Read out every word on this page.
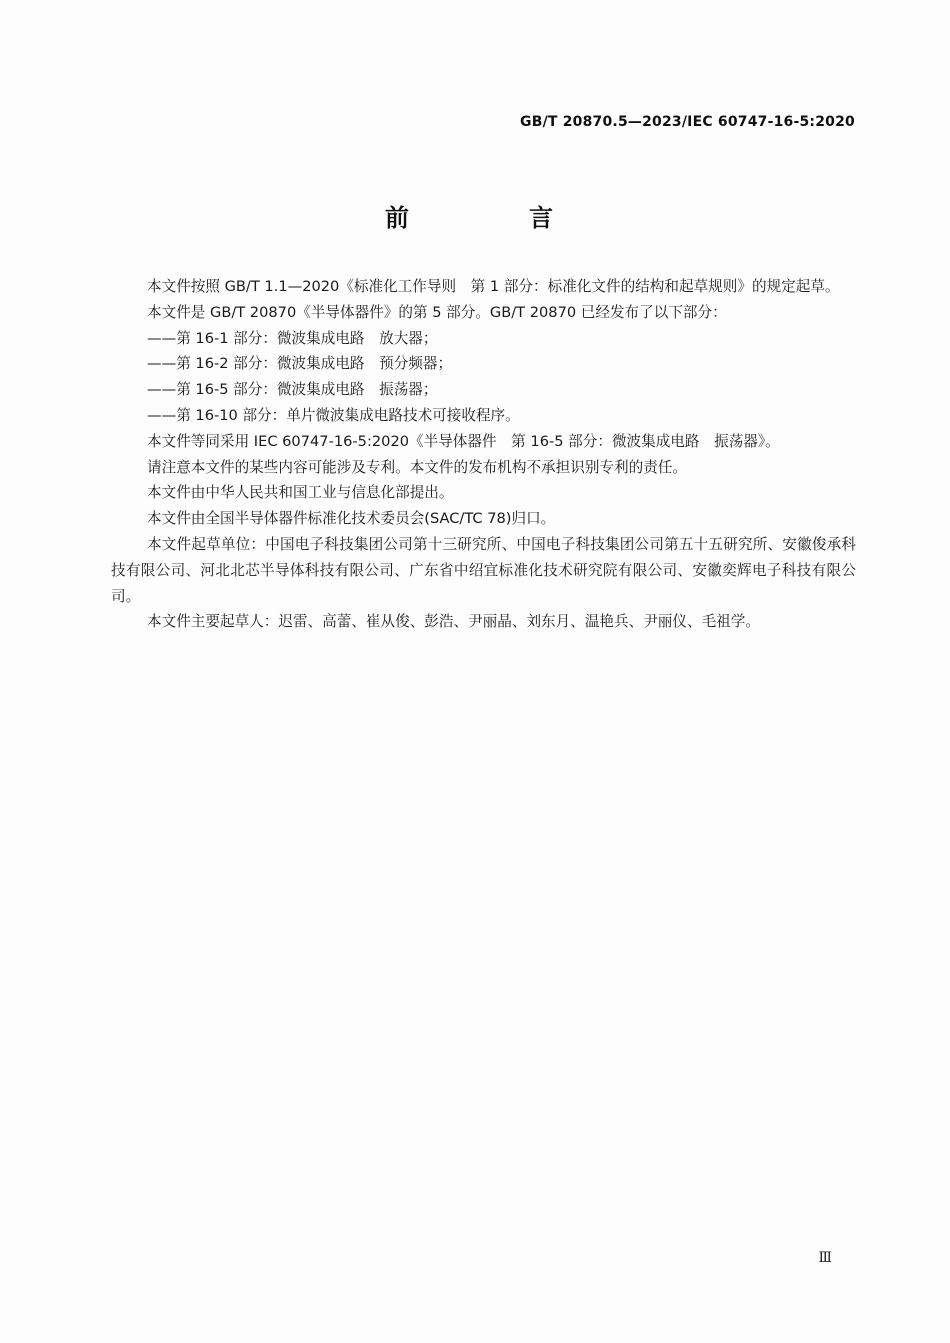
GB/T 20870.5—2023/IEC 60747-16-5:2020
前　言

本文件按照 GB/T 1.1—2020《标准化工作导则　第 1 部分：标准化文件的结构和起草规则》的规定起草。

本文件是 GB/T 20870《半导体器件》的第 5 部分。GB/T 20870 已经发布了以下部分：

——第 16-1 部分：微波集成电路　放大器；

——第 16-2 部分：微波集成电路　预分频器；

——第 16-5 部分：微波集成电路　振荡器；

——第 16-10 部分：单片微波集成电路技术可接收程序。

本文件等同采用 IEC 60747-16-5:2020《半导体器件　第 16-5 部分：微波集成电路　振荡器》。

请注意本文件的某些内容可能涉及专利。本文件的发布机构不承担识别专利的责任。

本文件由中华人民共和国工业与信息化部提出。

本文件由全国半导体器件标准化技术委员会(SAC/TC 78)归口。

本文件起草单位：中国电子科技集团公司第十三研究所、中国电子科技集团公司第五十五研究所、安徽俊承科技有限公司、河北北芯半导体科技有限公司、广东省中绍宜标准化技术研究院有限公司、安徽奕辉电子科技有限公司。

本文件主要起草人：迟雷、高蕾、崔从俊、彭浩、尹丽晶、刘东月、温艳兵、尹丽仪、毛祖学。

Ⅲ
